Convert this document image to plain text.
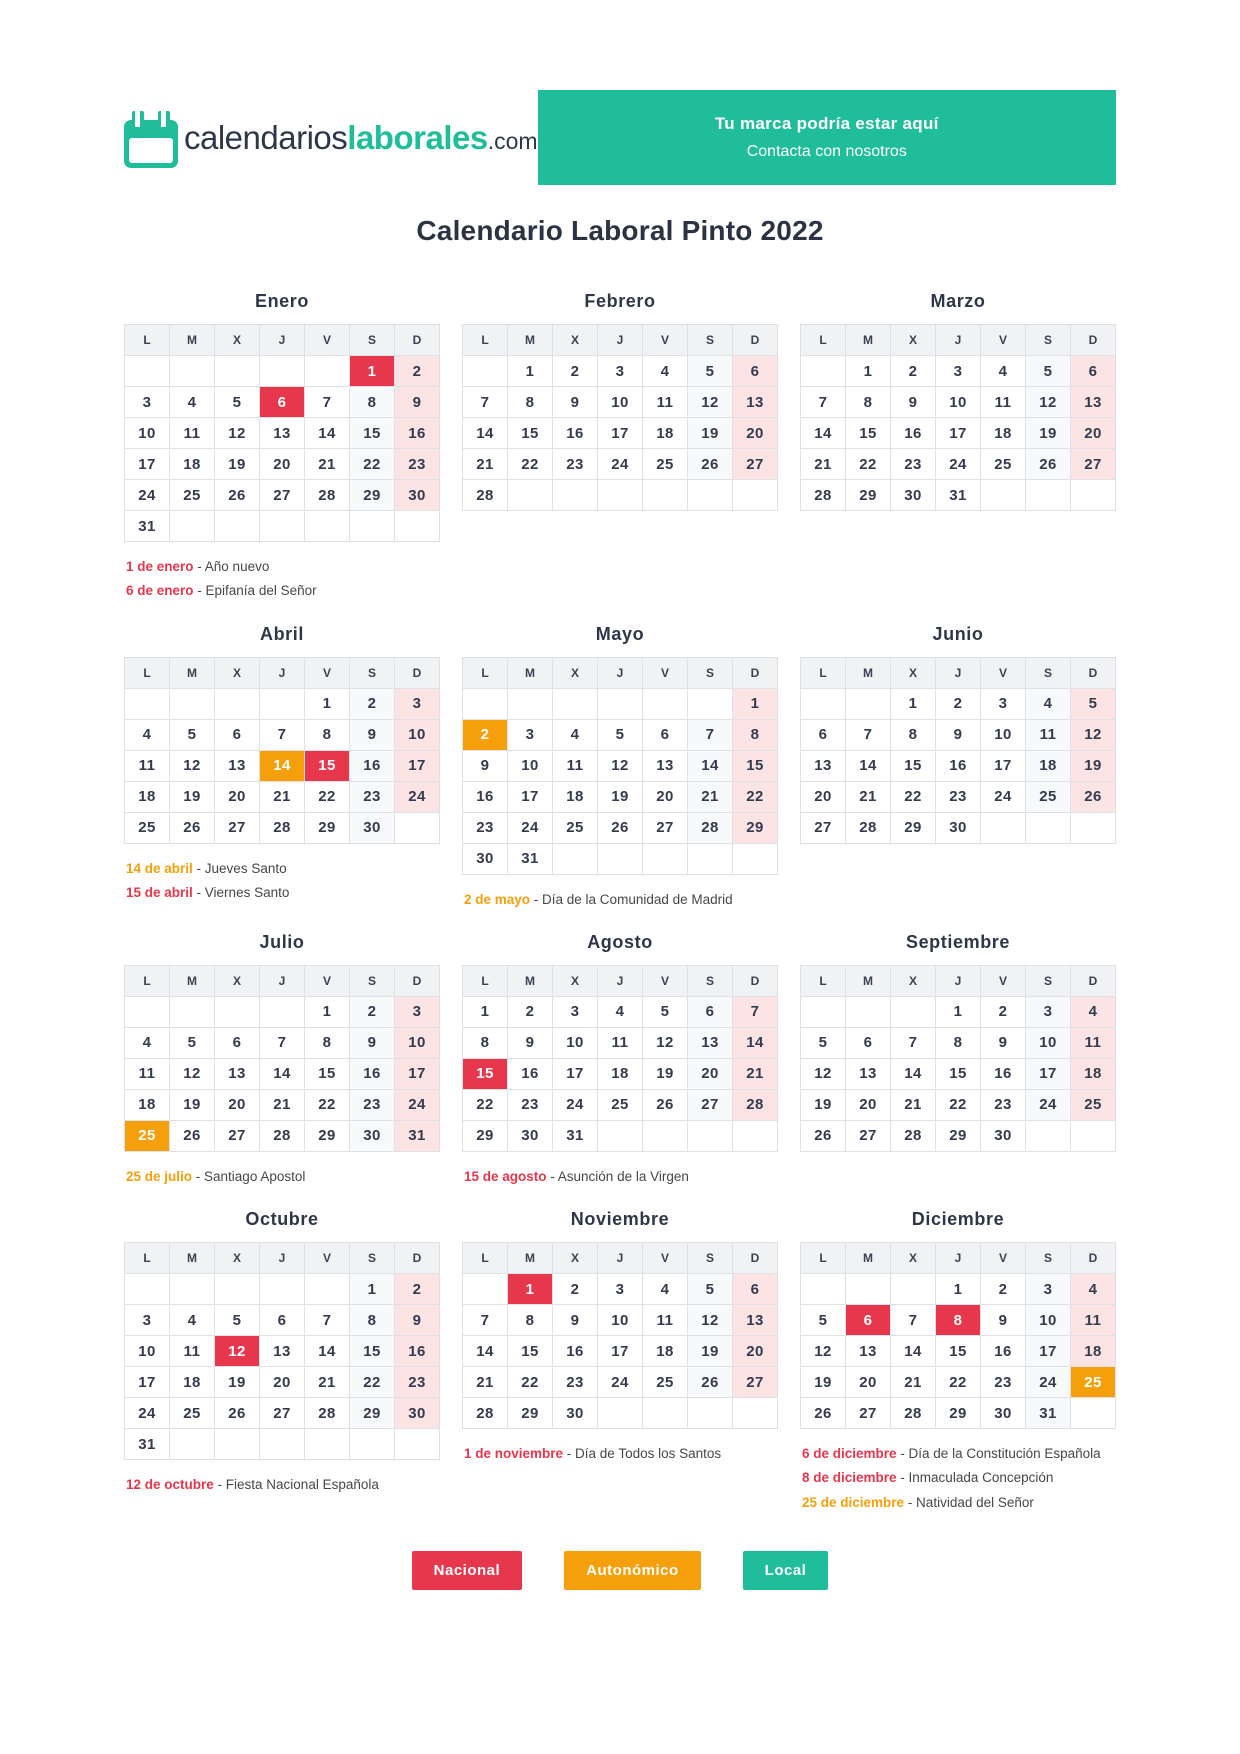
calendarios laborales .com
Tu marca podría estar aquí
Contacta con nosotros
Calendario Laboral Pinto 2022
Enero
L	M	X	J	V	S	D
					1	2
3	4	5	6	7	8	9
10	11	12	13	14	15	16
17	18	19	20	21	22	23
24	25	26	27	28	29	30
31						
1 de enero - Año nuevo
6 de enero - Epifanía del Señor
Febrero
L	M	X	J	V	S	D
	1	2	3	4	5	6
7	8	9	10	11	12	13
14	15	16	17	18	19	20
21	22	23	24	25	26	27
28						
Marzo
L	M	X	J	V	S	D
	1	2	3	4	5	6
7	8	9	10	11	12	13
14	15	16	17	18	19	20
21	22	23	24	25	26	27
28	29	30	31			
Abril
L	M	X	J	V	S	D
				1	2	3
4	5	6	7	8	9	10
11	12	13	14	15	16	17
18	19	20	21	22	23	24
25	26	27	28	29	30	
14 de abril - Jueves Santo
15 de abril - Viernes Santo
Mayo
L	M	X	J	V	S	D
						1
2	3	4	5	6	7	8
9	10	11	12	13	14	15
16	17	18	19	20	21	22
23	24	25	26	27	28	29
30	31					
2 de mayo - Día de la Comunidad de Madrid
Junio
L	M	X	J	V	S	D
		1	2	3	4	5
6	7	8	9	10	11	12
13	14	15	16	17	18	19
20	21	22	23	24	25	26
27	28	29	30			
Julio
L	M	X	J	V	S	D
				1	2	3
4	5	6	7	8	9	10
11	12	13	14	15	16	17
18	19	20	21	22	23	24
25	26	27	28	29	30	31
25 de julio - Santiago Apostol
Agosto
L	M	X	J	V	S	D
1	2	3	4	5	6	7
8	9	10	11	12	13	14
15	16	17	18	19	20	21
22	23	24	25	26	27	28
29	30	31				
15 de agosto - Asunción de la Virgen
Septiembre
L	M	X	J	V	S	D
			1	2	3	4
5	6	7	8	9	10	11
12	13	14	15	16	17	18
19	20	21	22	23	24	25
26	27	28	29	30		
Octubre
L	M	X	J	V	S	D
					1	2
3	4	5	6	7	8	9
10	11	12	13	14	15	16
17	18	19	20	21	22	23
24	25	26	27	28	29	30
31						
12 de octubre - Fiesta Nacional Española
Noviembre
L	M	X	J	V	S	D
	1	2	3	4	5	6
7	8	9	10	11	12	13
14	15	16	17	18	19	20
21	22	23	24	25	26	27
28	29	30				
1 de noviembre - Día de Todos los Santos
Diciembre
L	M	X	J	V	S	D
			1	2	3	4
5	6	7	8	9	10	11
12	13	14	15	16	17	18
19	20	21	22	23	24	25
26	27	28	29	30	31	
6 de diciembre - Día de la Constitución Española
8 de diciembre - Inmaculada Concepción
25 de diciembre - Natividad del Señor
Nacional	Autonómico	Local
